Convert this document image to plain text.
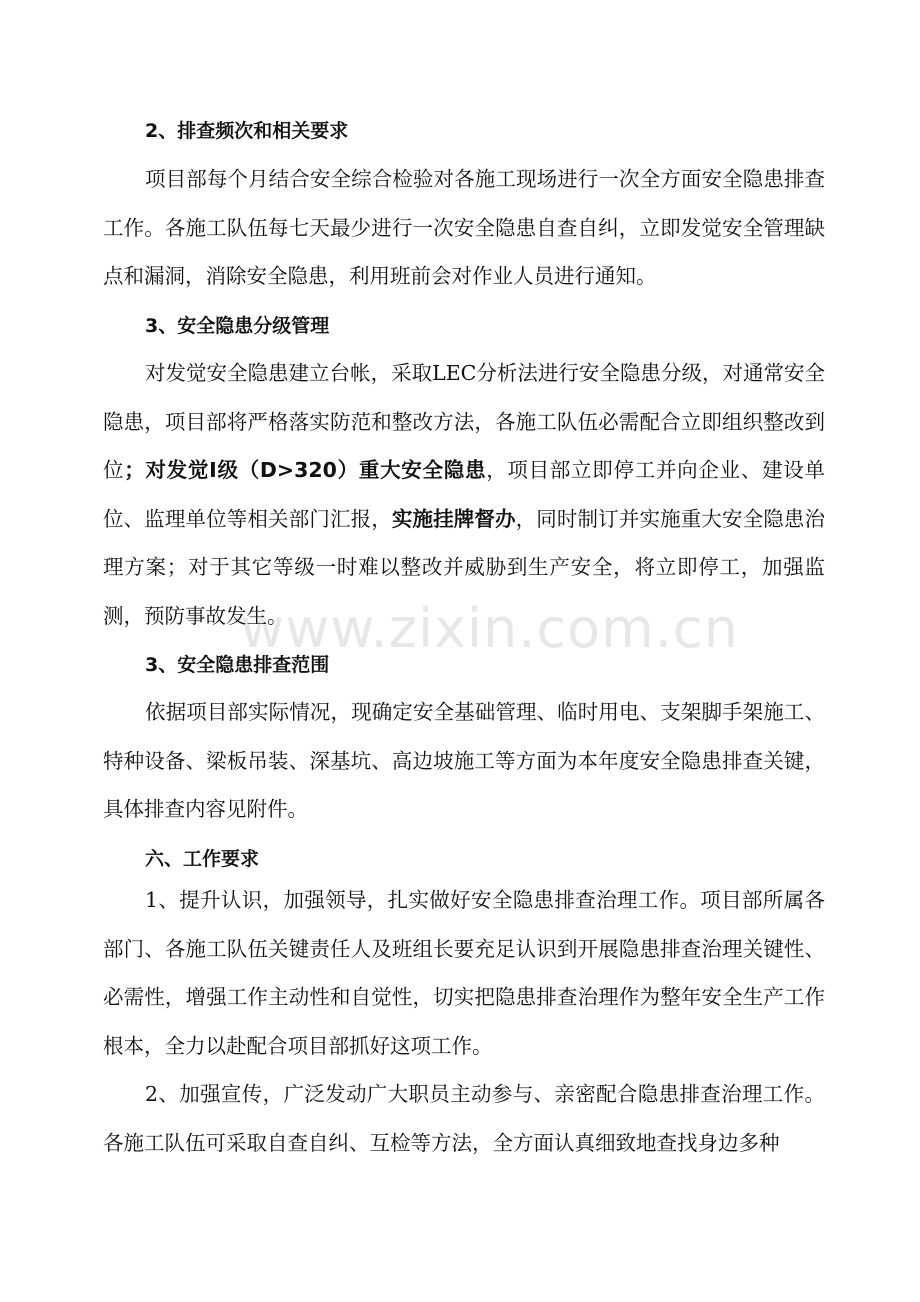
2、排查频次和相关要求
项目部每个月结合安全综合检验对各施工现场进行一次全方面安全隐患排查工作。各施工队伍每七天最少进行一次安全隐患自查自纠，立即发觉安全管理缺点和漏洞，消除安全隐患，利用班前会对作业人员进行通知。
3、安全隐患分级管理
对发觉安全隐患建立台帐，采取LEC分析法进行安全隐患分级，对通常安全隐患，项目部将严格落实防范和整改方法，各施工队伍必需配合立即组织整改到位；对发觉Ⅰ级（D>320）重大安全隐患，项目部立即停工并向企业、建设单位、监理单位等相关部门汇报，实施挂牌督办，同时制订并实施重大安全隐患治理方案；对于其它等级一时难以整改并威胁到生产安全，将立即停工，加强监测，预防事故发生。
3、安全隐患排查范围
依据项目部实际情况，现确定安全基础管理、临时用电、支架脚手架施工、特种设备、梁板吊装、深基坑、高边坡施工等方面为本年度安全隐患排查关键，具体排查内容见附件。
六、工作要求
1、提升认识，加强领导，扎实做好安全隐患排查治理工作。项目部所属各部门、各施工队伍关键责任人及班组长要充足认识到开展隐患排查治理关键性、必需性，增强工作主动性和自觉性，切实把隐患排查治理作为整年安全生产工作根本，全力以赴配合项目部抓好这项工作。
2、加强宣传，广泛发动广大职员主动参与、亲密配合隐患排查治理工作。各施工队伍可采取自查自纠、互检等方法，全方面认真细致地查找身边多种
www.zixin.com.cn
